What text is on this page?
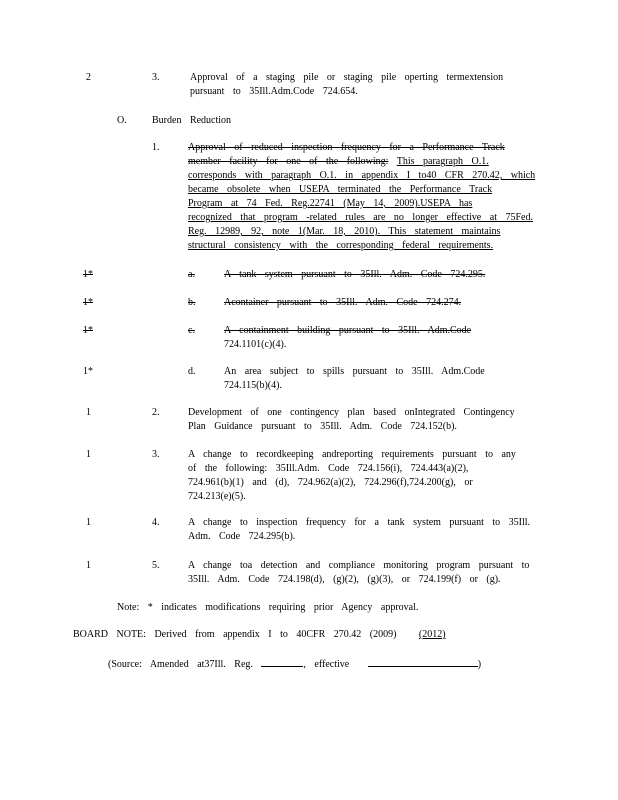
2	3.	Approval of a staging pile or staging pile operting termextension
pursuant to 35Ill.Adm.Code 724.654.
O.	Burden Reduction
1.	Approval of reduced inspection frequency for a Performance Track
member facility for one of the following: This paragraph O.1.
corresponds with paragraph O.1. in appendix I to40 CFR 270.42, which
became obsolete when USEPA terminated the Performance Track
Program at 74 Fed. Reg.22741 (May 14, 2009).USEPA has
recognized that program -related rules are no longer effective at 75Fed.
Reg. 12989, 92, note 1(Mar. 18, 2010). This statement maintains
structural consistency with the corresponding federal requirements.
1*	a.	A tank system pursuant to 35Ill. Adm. Code 724.295.
1*	b.	Acontainer pursuant to 35Ill. Adm. Code 724.274.
1*	c.	A containment building pursuant to 35Ill. Adm.Code
724.1101(c)(4).
1*	d.	An area subject to spills pursuant to 35Ill. Adm.Code
724.115(b)(4).
1	2.	Development of one contingency plan based onIntegrated Contingency
Plan Guidance pursuant to 35Ill. Adm. Code 724.152(b).
1	3.	A change to recordkeeping andreporting requirements pursuant to any
of the following: 35Ill.Adm. Code 724.156(i), 724.443(a)(2),
724.961(b)(1) and (d), 724.962(a)(2), 724.296(f),724.200(g), or
724.213(e)(5).
1	4.	A change to inspection frequency for a tank system pursuant to 35Ill.
Adm. Code 724.295(b).
1	5.	A change toa detection and compliance monitoring program pursuant to
35Ill. Adm. Code 724.198(d), (g)(2), (g)(3), or 724.199(f) or (g).
Note: * indicates modifications requiring prior Agency approval.
BOARD NOTE: Derived from appendix I to 40CFR 270.42 (2009) (2012)
(Source: Amended at37Ill. Reg.	, effective	)
